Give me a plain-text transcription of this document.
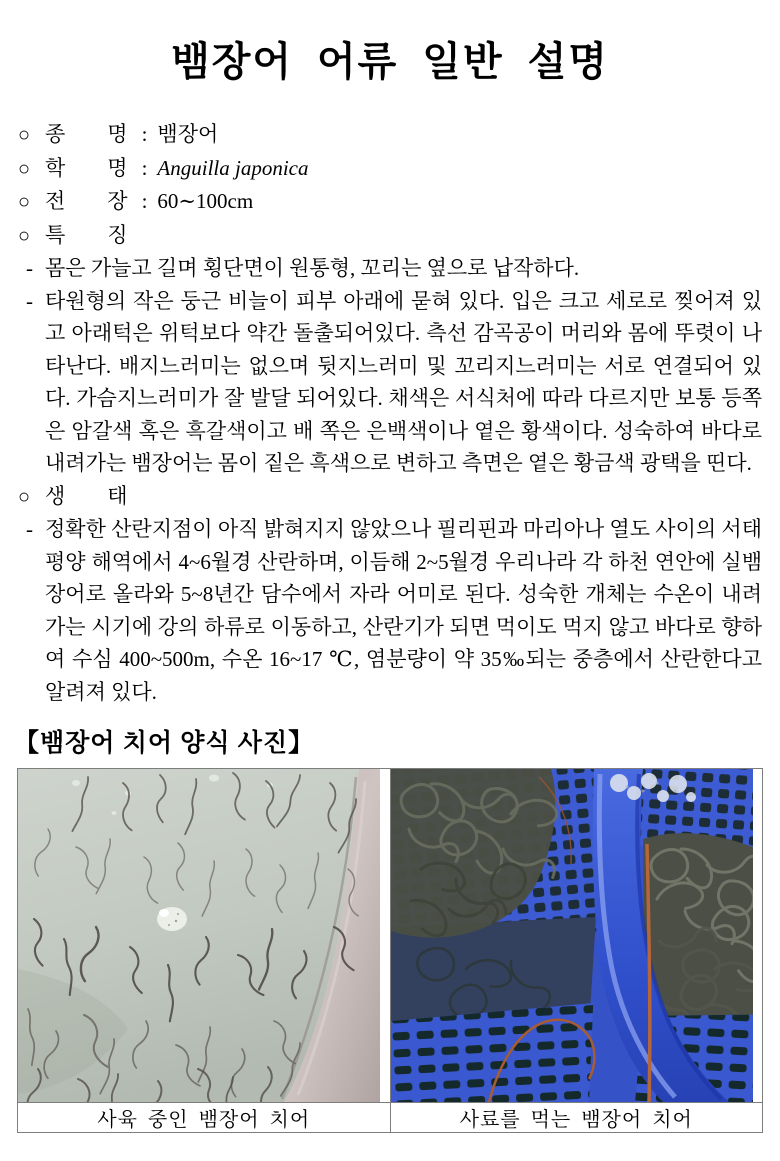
뱀장어 어류 일반 설명
○ 종　　명 : 뱀장어
○ 학　　명 : Anguilla japonica
○ 전　　장 : 60∼100cm
○ 특　　징

- 몸은 가늘고 길며 횡단면이 원통형, 꼬리는 옆으로 납작하다.

- 타원형의 작은 둥근 비늘이 피부 아래에 묻혀 있다. 입은 크고 세로로 찢어져 있고 아래턱은 위턱보다 약간 돌출되어있다. 측선 감곡공이 머리와 몸에 뚜렷이 나타난다. 배지느러미는 없으며 뒷지느러미 및 꼬리지느러미는 서로 연결되어 있다. 가슴지느러미가 잘 발달 되어있다. 채색은 서식처에 따라 다르지만 보통 등쪽은 암갈색 혹은 흑갈색이고 배 쪽은 은백색이나 옅은 황색이다. 성숙하여 바다로 내려가는 뱀장어는 몸이 짙은 흑색으로 변하고 측면은 옅은 황금색 광택을 띤다.

○ 생　　태

- 정확한 산란지점이 아직 밝혀지지 않았으나 필리핀과 마리아나 열도 사이의 서태평양 해역에서 4~6월경 산란하며, 이듬해 2~5월경 우리나라 각 하천 연안에 실뱀장어로 올라와 5~8년간 담수에서 자라 어미로 된다. 성숙한 개체는 수온이 내려가는 시기에 강의 하류로 이동하고, 산란기가 되면 먹이도 먹지 않고 바다로 향하여 수심 400~500m, 수온 16~17 ℃, 염분량이 약 35‰되는 중층에서 산란한다고 알려져 있다.

【뱀장어 치어 양식 사진】

사육 중인 뱀장어 치어	사료를 먹는 뱀장어 치어
